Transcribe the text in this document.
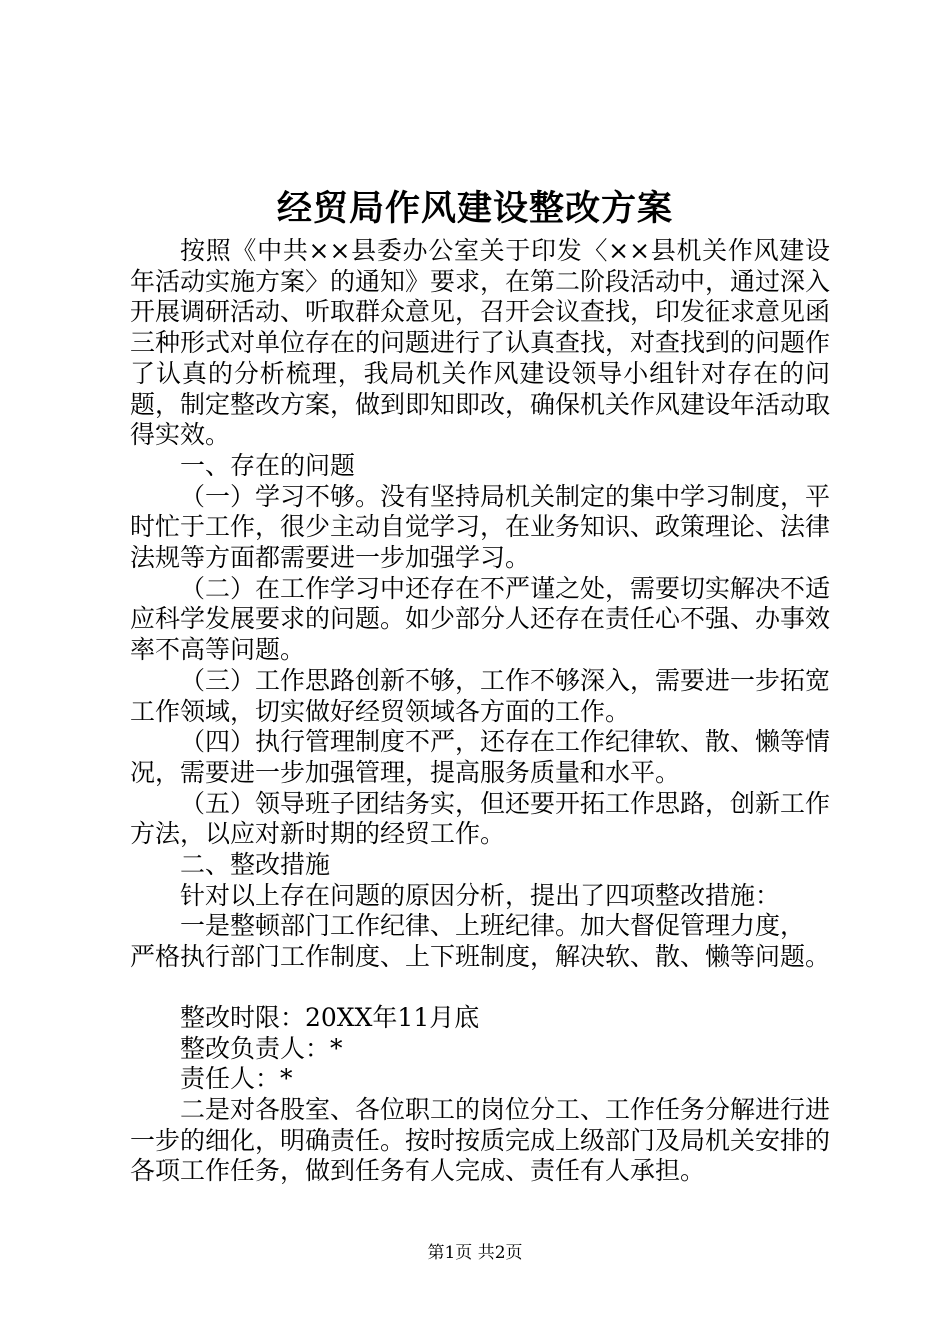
经贸局作风建设整改方案

按照《中共××县委办公室关于印发〈××县机关作风建设年活动实施方案〉的通知》要求，在第二阶段活动中，通过深入开展调研活动、听取群众意见，召开会议查找，印发征求意见函三种形式对单位存在的问题进行了认真查找，对查找到的问题作了认真的分析梳理，我局机关作风建设领导小组针对存在的问题，制定整改方案，做到即知即改，确保机关作风建设年活动取得实效。

一、存在的问题

（一）学习不够。没有坚持局机关制定的集中学习制度，平时忙于工作，很少主动自觉学习，在业务知识、政策理论、法律法规等方面都需要进一步加强学习。

（二）在工作学习中还存在不严谨之处，需要切实解决不适应科学发展要求的问题。如少部分人还存在责任心不强、办事效率不高等问题。

（三）工作思路创新不够，工作不够深入，需要进一步拓宽工作领域，切实做好经贸领域各方面的工作。

（四）执行管理制度不严，还存在工作纪律软、散、懒等情况，需要进一步加强管理，提高服务质量和水平。

（五）领导班子团结务实，但还要开拓工作思路，创新工作方法，以应对新时期的经贸工作。

二、整改措施

针对以上存在问题的原因分析，提出了四项整改措施：

一是整顿部门工作纪律、上班纪律。加大督促管理力度，

严格执行部门工作制度、上下班制度，解决软、散、懒等问题。

整改时限：20XX年11月底

整改负责人：*

责任人：*

二是对各股室、各位职工的岗位分工、工作任务分解进行进一步的细化，明确责任。按时按质完成上级部门及局机关安排的各项工作任务，做到任务有人完成、责任有人承担。

第1页 共2页
